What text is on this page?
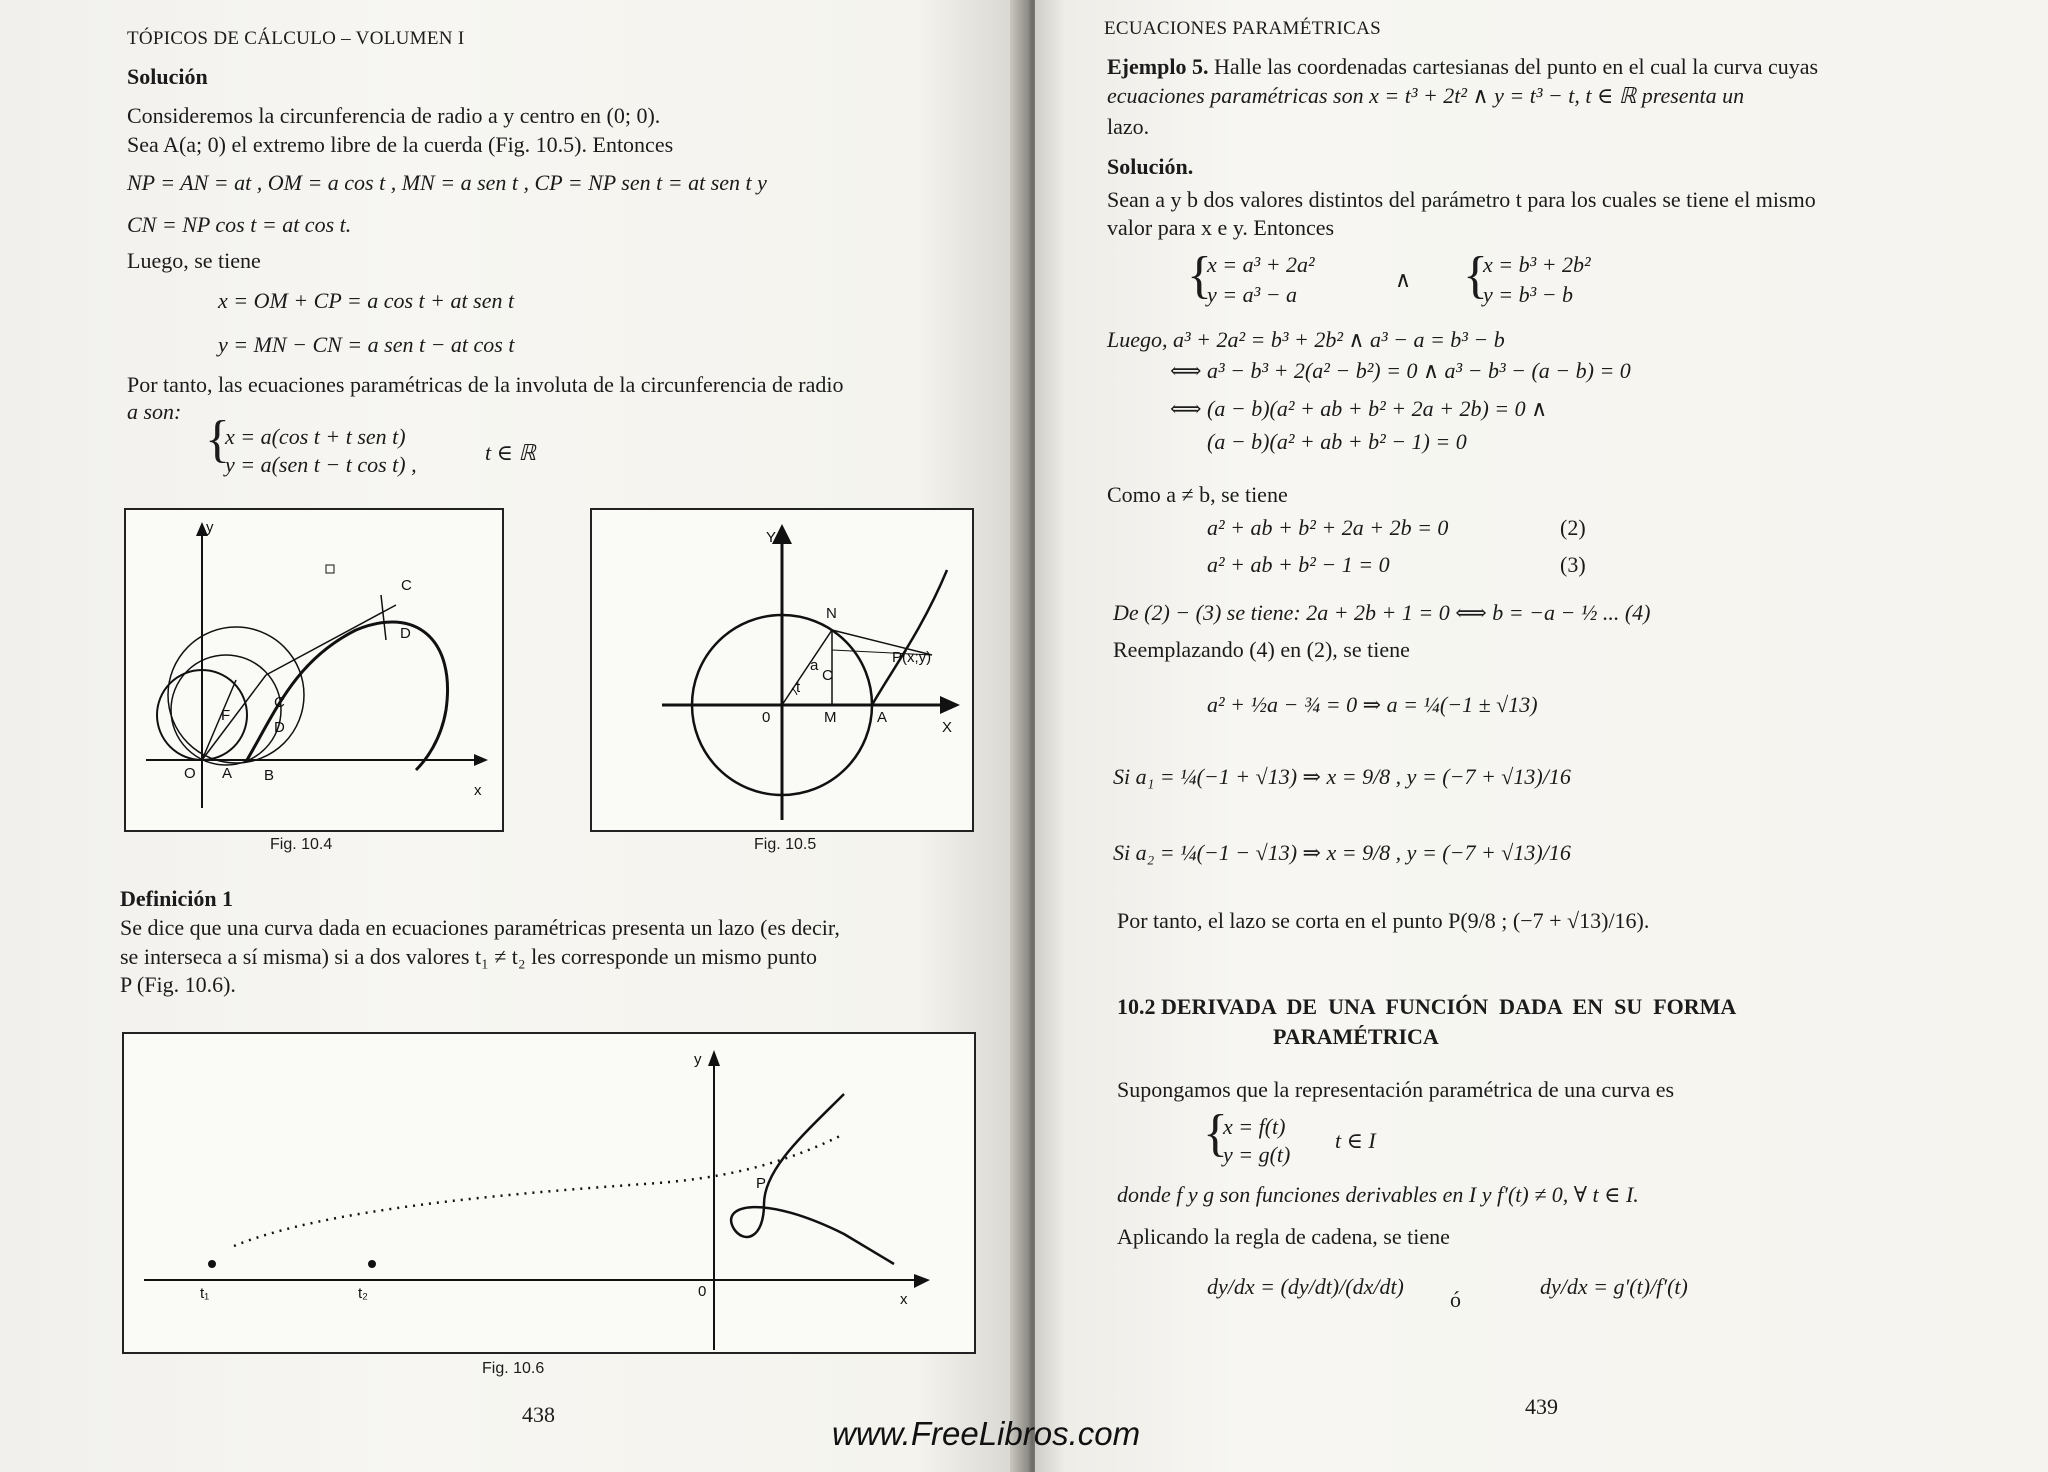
TÓPICOS DE CÁLCULO – VOLUMEN I
Solución
Consideremos la circunferencia de radio a y centro en (0; 0).
Sea A(a; 0) el extremo libre de la cuerda (Fig. 10.5). Entonces
NP = AN = at , OM = a cos t , MN = a sen t , CP = NP sen t = at sen t y
CN = NP cos t = at cos t.
Luego, se tiene
x = OM + CP = a cos t + at sen t
y = MN − CN = a sen t − at cos t
Por tanto, las ecuaciones paramétricas de la involuta de la circunferencia de radio
a son: {
x = a(cos t + t sen t)
y = a(sen t − t cos t) ,	t ∈ ℝ
y
x
C
D
F
C
D
O A B
Fig. 10.4
Y
N
a
C
t
P(x;y)
0	M	A
X
Fig. 10.5
Definición 1
Se dice que una curva dada en ecuaciones paramétricas presenta un lazo (es decir,
se interseca a sí misma) si a dos valores t₁ ≠ t₂ les corresponde un mismo punto
P (Fig. 10.6).
y
x
P
0
t₁	t₂
Fig. 10.6
438
ECUACIONES PARAMÉTRICAS
Ejemplo 5. Halle las coordenadas cartesianas del punto en el cual la curva cuyas
ecuaciones paramétricas son x = t³ + 2t² ∧ y = t³ − t, t ∈ ℝ presenta un
lazo.
Solución.
Sean a y b dos valores distintos del parámetro t para los cuales se tiene el mismo
valor para x e y. Entonces
{
x = a³ + 2a²
y = a³ − a
∧ {
x = b³ + 2b²
y = b³ − b
Luego, a³ + 2a² = b³ + 2b² ∧ a³ − a = b³ − b
⟺ a³ − b³ + 2(a² − b²) = 0 ∧ a³ − b³ − (a − b) = 0
⟺ (a − b)(a² + ab + b² + 2a + 2b) = 0 ∧
(a − b)(a² + ab + b² − 1) = 0
Como a ≠ b, se tiene
a² + ab + b² + 2a + 2b = 0	(2)
a² + ab + b² − 1 = 0	(3)
De (2) − (3) se tiene: 2a + 2b + 1 = 0 ⟺ b = −a − ½ ... (4)
Reemplazando (4) en (2), se tiene
a² + ½a − ¾ = 0 ⇒ a = ¼(−1 ± √13)
Si a₁ = ¼(−1 + √13) ⇒ x = 9/8 , y = (−7 + √13)/16
Si a₂ = ¼(−1 − √13) ⇒ x = 9/8 , y = (−7 + √13)/16
Por tanto, el lazo se corta en el punto P(9/8 ; (−7 + √13)/16).
10.2 DERIVADA  DE  UNA  FUNCIÓN  DADA  EN  SU  FORMA
PARAMÉTRICA
Supongamos que la representación paramétrica de una curva es
{
x = f(t)
y = g(t)
t ∈ I
donde f y g son funciones derivables en I y f′(t) ≠ 0, ∀ t ∈ I.
Aplicando la regla de cadena, se tiene
dy/dx = (dy/dt)/(dx/dt)
ó
dy/dx = g′(t)/f′(t)
439
www.FreeLibros.com
